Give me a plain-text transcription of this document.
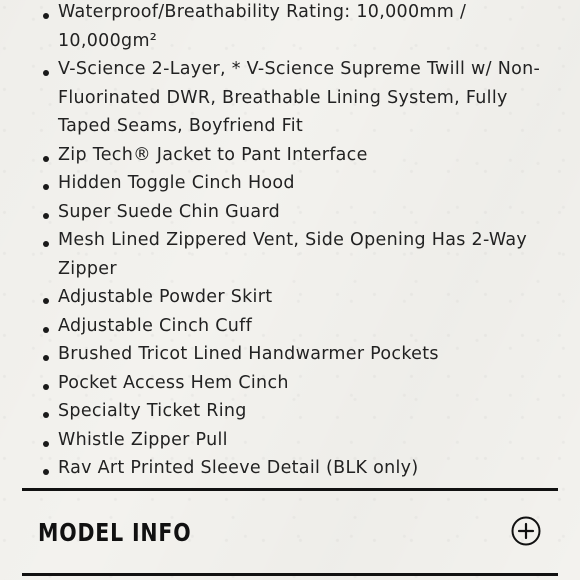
Waterproof/Breathability Rating: 10,000mm / 10,000gm²
V-Science 2-Layer, * V-Science Supreme Twill w/ Non-Fluorinated DWR, Breathable Lining System, Fully Taped Seams, Boyfriend Fit
Zip Tech® Jacket to Pant Interface
Hidden Toggle Cinch Hood
Super Suede Chin Guard
Mesh Lined Zippered Vent, Side Opening Has 2-Way Zipper
Adjustable Powder Skirt
Adjustable Cinch Cuff
Brushed Tricot Lined Handwarmer Pockets
Pocket Access Hem Cinch
Specialty Ticket Ring
Whistle Zipper Pull
Rav Art Printed Sleeve Detail (BLK only)
MODEL INFO
